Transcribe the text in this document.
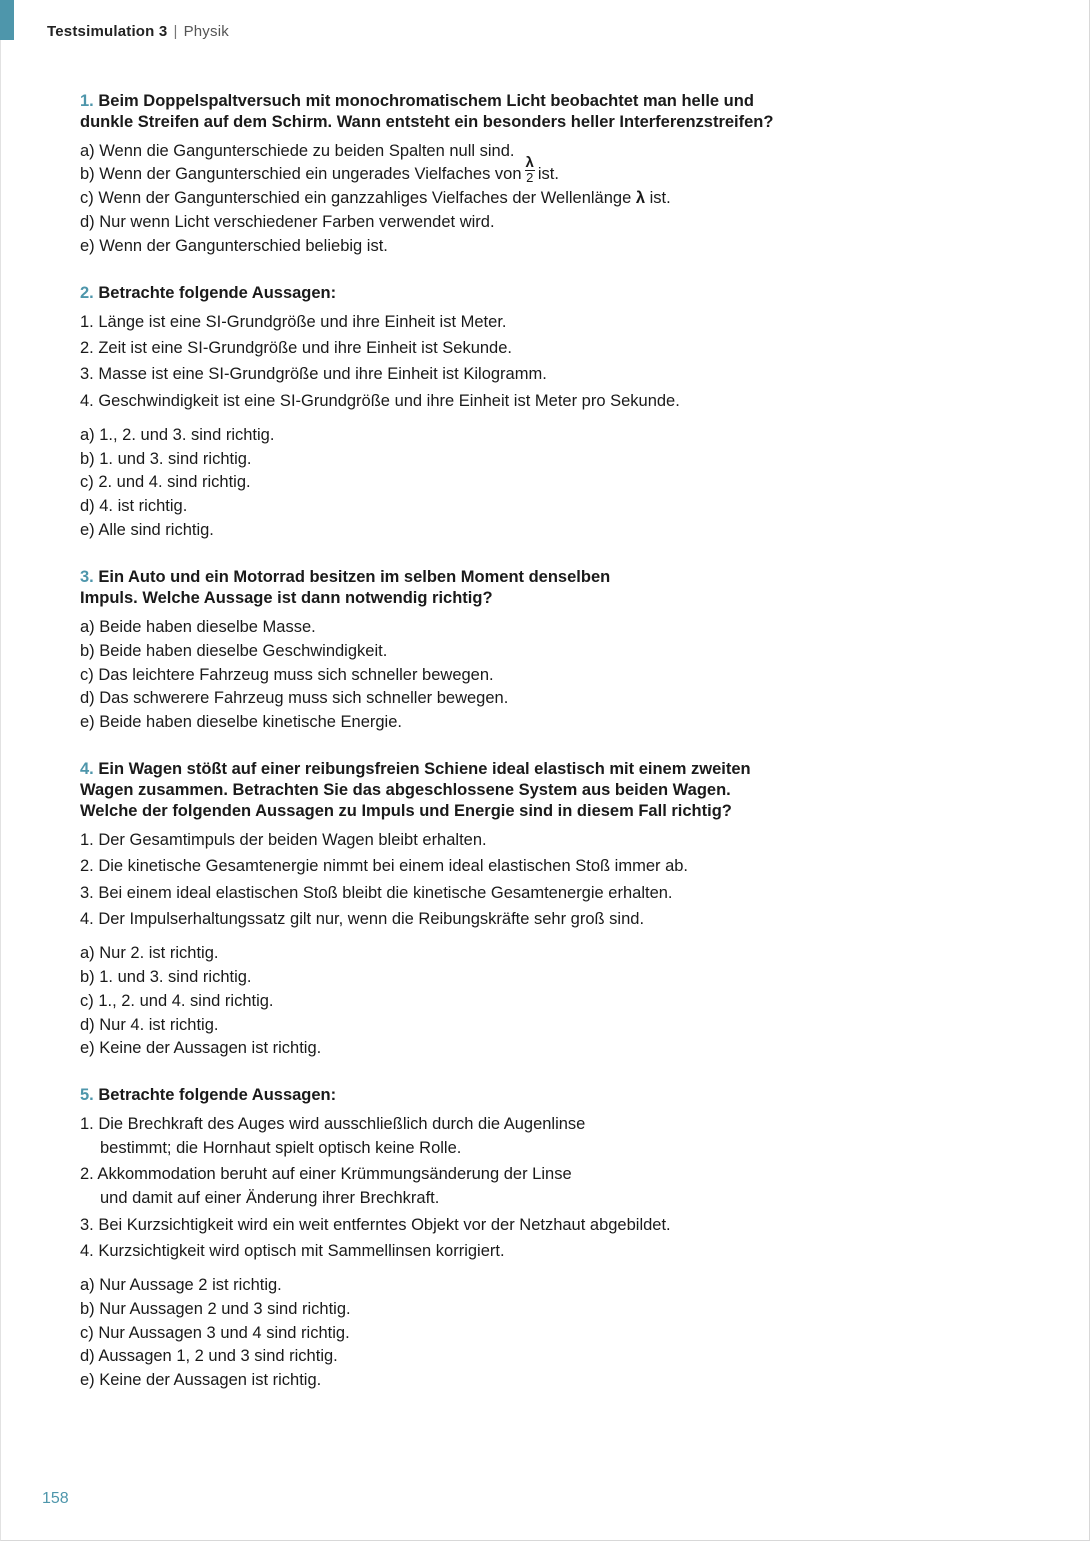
Testsimulation 3 | Physik
1. Beim Doppelspaltversuch mit monochromatischem Licht beobachtet man helle und
dunkle Streifen auf dem Schirm. Wann entsteht ein besonders heller Interferenzstreifen?
a) Wenn die Gangunterschiede zu beiden Spalten null sind.
b) Wenn der Gangunterschied ein ungerades Vielfaches von $\frac{\lambda}{2}$ ist.
c) Wenn der Gangunterschied ein ganzzahliges Vielfaches der Wellenlänge λ ist.
d) Nur wenn Licht verschiedener Farben verwendet wird.
e) Wenn der Gangunterschied beliebig ist.
2. Betrachte folgende Aussagen:
1. Länge ist eine SI-Grundgröße und ihre Einheit ist Meter.
2. Zeit ist eine SI-Grundgröße und ihre Einheit ist Sekunde.
3. Masse ist eine SI-Grundgröße und ihre Einheit ist Kilogramm.
4. Geschwindigkeit ist eine SI-Grundgröße und ihre Einheit ist Meter pro Sekunde.
a) 1., 2. und 3. sind richtig.
b) 1. und 3. sind richtig.
c) 2. und 4. sind richtig.
d) 4. ist richtig.
e) Alle sind richtig.
3. Ein Auto und ein Motorrad besitzen im selben Moment denselben
Impuls. Welche Aussage ist dann notwendig richtig?
a) Beide haben dieselbe Masse.
b) Beide haben dieselbe Geschwindigkeit.
c) Das leichtere Fahrzeug muss sich schneller bewegen.
d) Das schwerere Fahrzeug muss sich schneller bewegen.
e) Beide haben dieselbe kinetische Energie.
4. Ein Wagen stößt auf einer reibungsfreien Schiene ideal elastisch mit einem zweiten
Wagen zusammen. Betrachten Sie das abgeschlossene System aus beiden Wagen.
Welche der folgenden Aussagen zu Impuls und Energie sind in diesem Fall richtig?
1. Der Gesamtimpuls der beiden Wagen bleibt erhalten.
2. Die kinetische Gesamtenergie nimmt bei einem ideal elastischen Stoß immer ab.
3. Bei einem ideal elastischen Stoß bleibt die kinetische Gesamtenergie erhalten.
4. Der Impulserhaltungssatz gilt nur, wenn die Reibungskräfte sehr groß sind.
a) Nur 2. ist richtig.
b) 1. und 3. sind richtig.
c) 1., 2. und 4. sind richtig.
d) Nur 4. ist richtig.
e) Keine der Aussagen ist richtig.
5. Betrachte folgende Aussagen:
1. Die Brechkraft des Auges wird ausschließlich durch die Augenlinse
bestimmt; die Hornhaut spielt optisch keine Rolle.
2. Akkommodation beruht auf einer Krümmungsänderung der Linse
und damit auf einer Änderung ihrer Brechkraft.
3. Bei Kurzsichtigkeit wird ein weit entferntes Objekt vor der Netzhaut abgebildet.
4. Kurzsichtigkeit wird optisch mit Sammellinsen korrigiert.
a) Nur Aussage 2 ist richtig.
b) Nur Aussagen 2 und 3 sind richtig.
c) Nur Aussagen 3 und 4 sind richtig.
d) Aussagen 1, 2 und 3 sind richtig.
e) Keine der Aussagen ist richtig.
158
